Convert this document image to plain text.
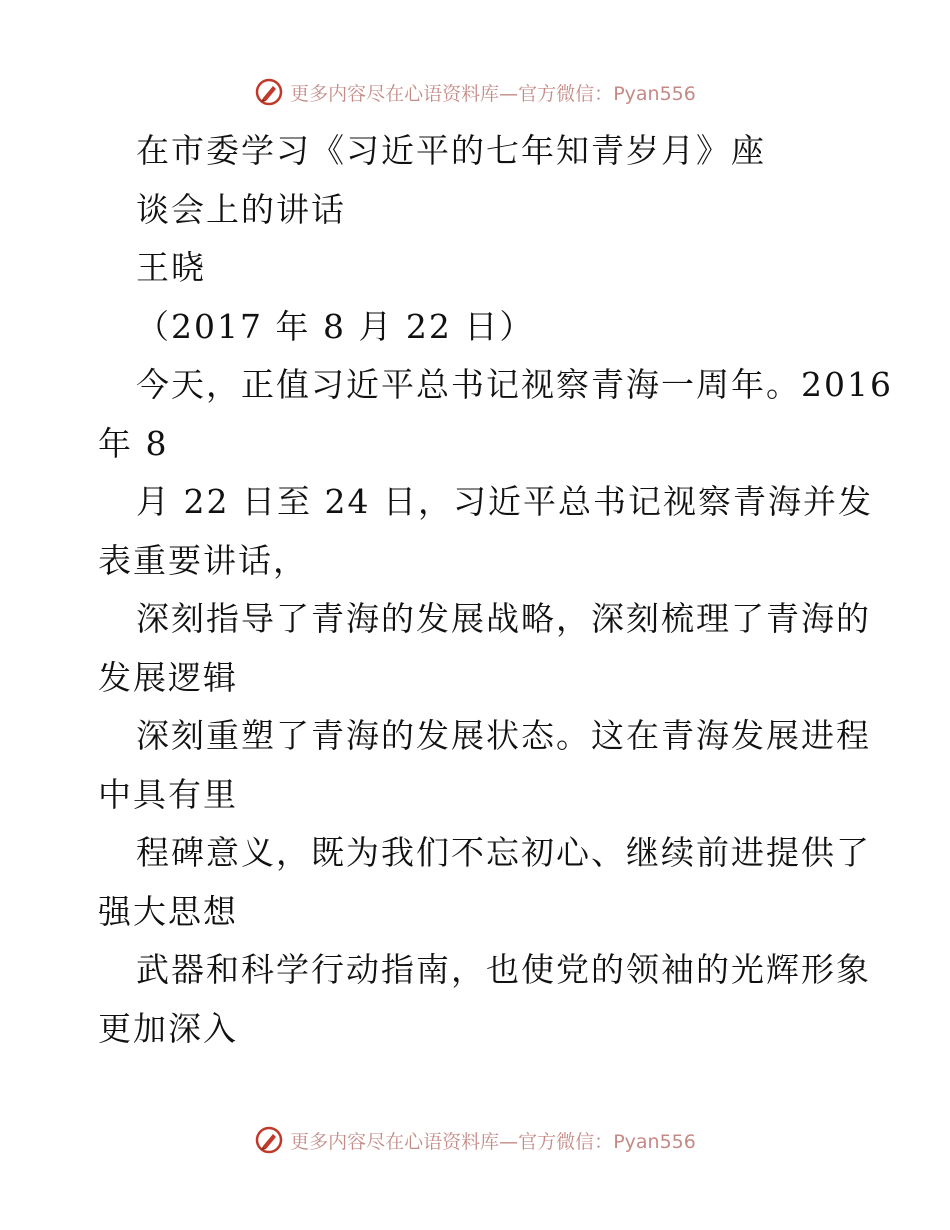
更多内容尽在心语资料库—官方微信：Pyan556
在市委学习《习近平的七年知青岁月》座
谈会上的讲话
王晓
（2017 年 8 月 22 日）
今天，正值习近平总书记视察青海一周年。2016
年 8
月 22 日至 24 日，习近平总书记视察青海并发
表重要讲话，
深刻指导了青海的发展战略，深刻梳理了青海的
发展逻辑
深刻重塑了青海的发展状态。这在青海发展进程
中具有里
程碑意义，既为我们不忘初心、继续前进提供了
强大思想
武器和科学行动指南，也使党的领袖的光辉形象
更加深入
更多内容尽在心语资料库—官方微信：Pyan556
